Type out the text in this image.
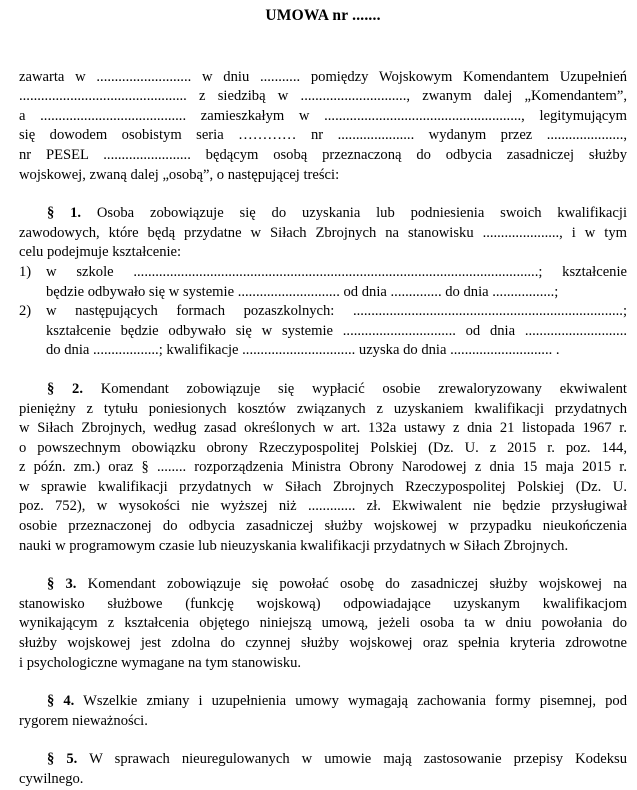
UMOWA nr .......
zawarta w .......................... w dniu ........... pomiędzy Wojskowym Komendantem Uzupełnień
.............................................. z siedzibą w ............................., zwanym dalej „Komendantem”,
a ........................................ zamieszkałym w ......................................................, legitymującym
się dowodem osobistym seria ………… nr ..................... wydanym przez .....................,
nr PESEL ........................ będącym osobą przeznaczoną do odbycia zasadniczej służby
wojskowej, zwaną dalej „osobą”, o następującej treści:
§ 1. Osoba zobowiązuje się do uzyskania lub podniesienia swoich kwalifikacji
zawodowych, które będą przydatne w Siłach Zbrojnych na stanowisku ....................., i w tym
celu podejmuje kształcenie:
1)	w szkole ...............................................................................................................; kształcenie
będzie odbywało się w systemie ............................ od dnia .............. do dnia .................;
2)	w następujących formach pozaszkolnych: ..........................................................................;
kształcenie będzie odbywało się w systemie ............................... od dnia ............................
do dnia ..................; kwalifikacje ............................... uzyska do dnia ............................ .
§ 2. Komendant zobowiązuje się wypłacić osobie zrewaloryzowany ekwiwalent
pieniężny z tytułu poniesionych kosztów związanych z uzyskaniem kwalifikacji przydatnych
w Siłach Zbrojnych, według zasad określonych w art. 132a ustawy z dnia 21 listopada 1967 r.
o powszechnym obowiązku obrony Rzeczypospolitej Polskiej (Dz. U. z 2015 r. poz. 144,
z późn. zm.) oraz § ........ rozporządzenia Ministra Obrony Narodowej z dnia 15 maja 2015 r.
w sprawie kwalifikacji przydatnych w Siłach Zbrojnych Rzeczypospolitej Polskiej (Dz. U.
poz. 752), w wysokości nie wyższej niż ............. zł. Ekwiwalent nie będzie przysługiwał
osobie przeznaczonej do odbycia zasadniczej służby wojskowej w przypadku nieukończenia
nauki w programowym czasie lub nieuzyskania kwalifikacji przydatnych w Siłach Zbrojnych.
§ 3. Komendant zobowiązuje się powołać osobę do zasadniczej służby wojskowej na
stanowisko służbowe (funkcję wojskową) odpowiadające uzyskanym kwalifikacjom
wynikającym z kształcenia objętego niniejszą umową, jeżeli osoba ta w dniu powołania do
służby wojskowej jest zdolna do czynnej służby wojskowej oraz spełnia kryteria zdrowotne
i psychologiczne wymagane na tym stanowisku.
§ 4. Wszelkie zmiany i uzupełnienia umowy wymagają zachowania formy pisemnej, pod
rygorem nieważności.
§ 5. W sprawach nieuregulowanych w umowie mają zastosowanie przepisy Kodeksu
cywilnego.
